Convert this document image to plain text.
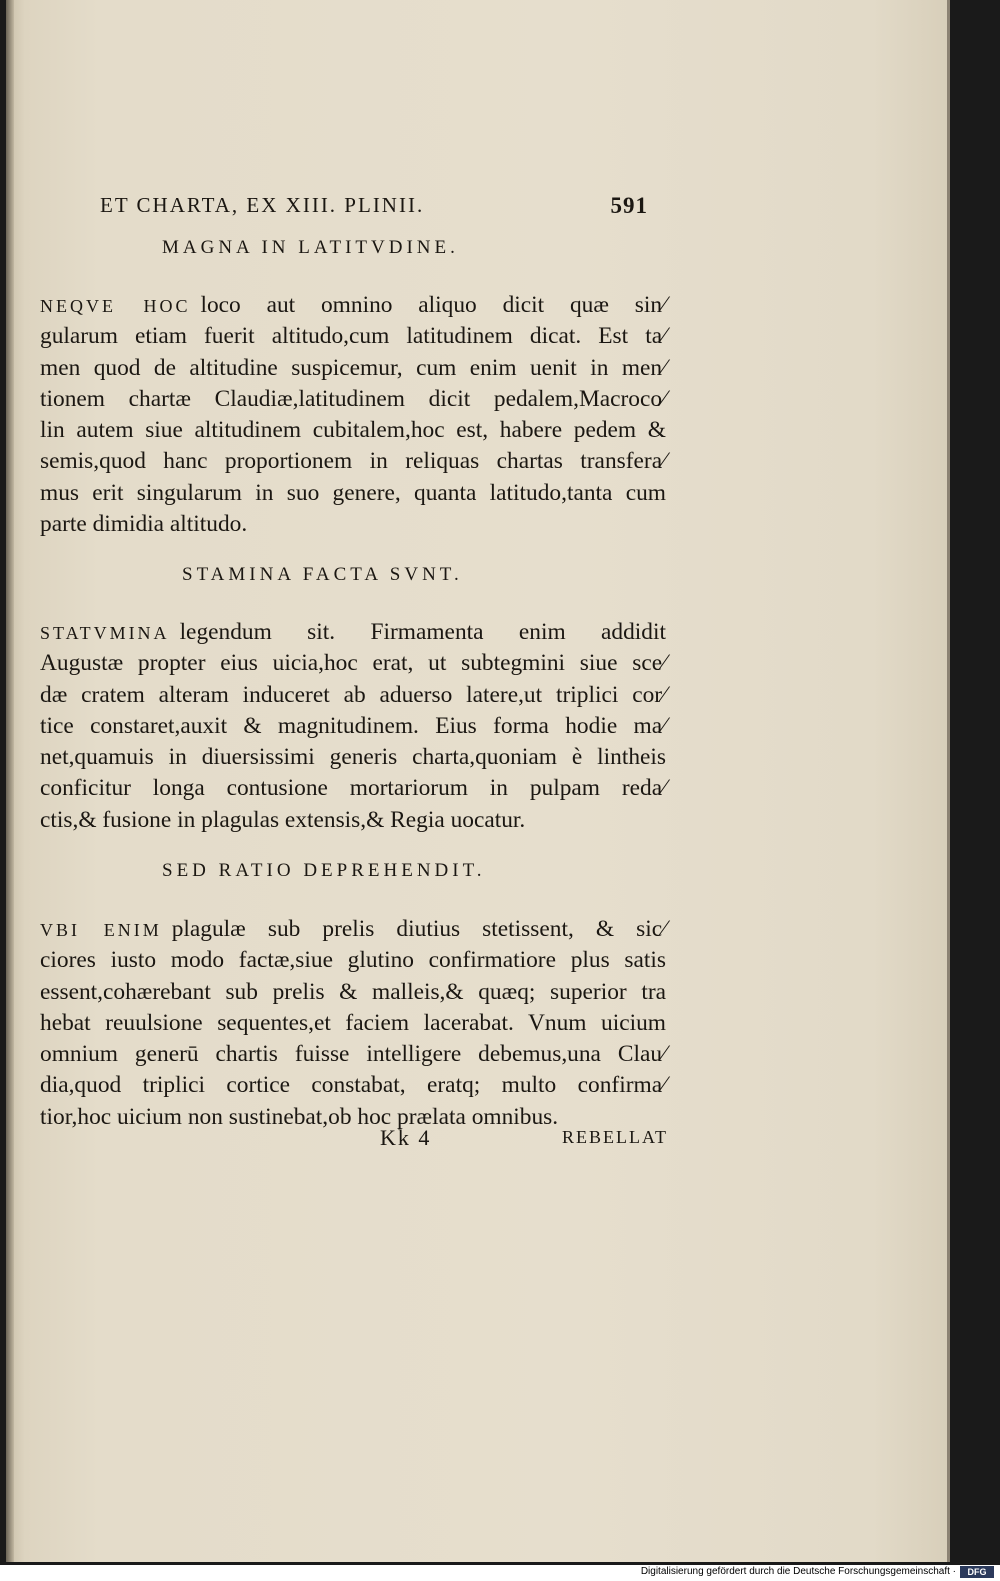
ET CHARTA, EX XIII. PLINII.	591
MAGNA IN LATITVDINE.
NEQVE HOC loco aut omnino aliquo dicit quæ sin⁄
gularum etiam fuerit altitudo,cum latitudinem dicat. Est ta⁄
men quod de altitudine suspicemur, cum enim uenit in men⁄
tionem chartæ Claudiæ,latitudinem dicit pedalem,Macroco⁄
lin autem siue altitudinem cubitalem,hoc est, habere pedem &
semis,quod hanc proportionem in reliquas chartas transfera⁄
mus erit singularum in suo genere, quanta latitudo,tanta cum
parte dimidia altitudo.
STAMINA FACTA SVNT.
STATVMINA legendum sit. Firmamenta enim addidit
Augustæ propter eius uicia,hoc erat, ut subtegmini siue sce⁄
dæ cratem alteram induceret ab aduerso latere,ut triplici cor⁄
tice constaret,auxit & magnitudinem. Eius forma hodie ma⁄
net,quamuis in diuersissimi generis charta,quoniam è lintheis
conficitur longa contusione mortariorum in pulpam reda⁄
ctis,& fusione in plagulas extensis,& Regia uocatur.
SED RATIO DEPREHENDIT.
VBI ENIM plagulæ sub prelis diutius stetissent, & sic⁄
ciores iusto modo factæ,siue glutino confirmatiore plus satis
essent,cohærebant sub prelis & malleis,& quæq; superior tra
hebat reuulsione sequentes,et faciem lacerabat. Vnum uicium
omnium generū chartis fuisse intelligere debemus,una Clau⁄
dia,quod triplici cortice constabat, eratq; multo confirma⁄
tior,hoc uicium non sustinebat,ob hoc prælata omnibus.
Kk 4	REBELLAT
Digitalisierung gefördert durch die Deutsche Forschungsgemeinschaft ·	DFG
